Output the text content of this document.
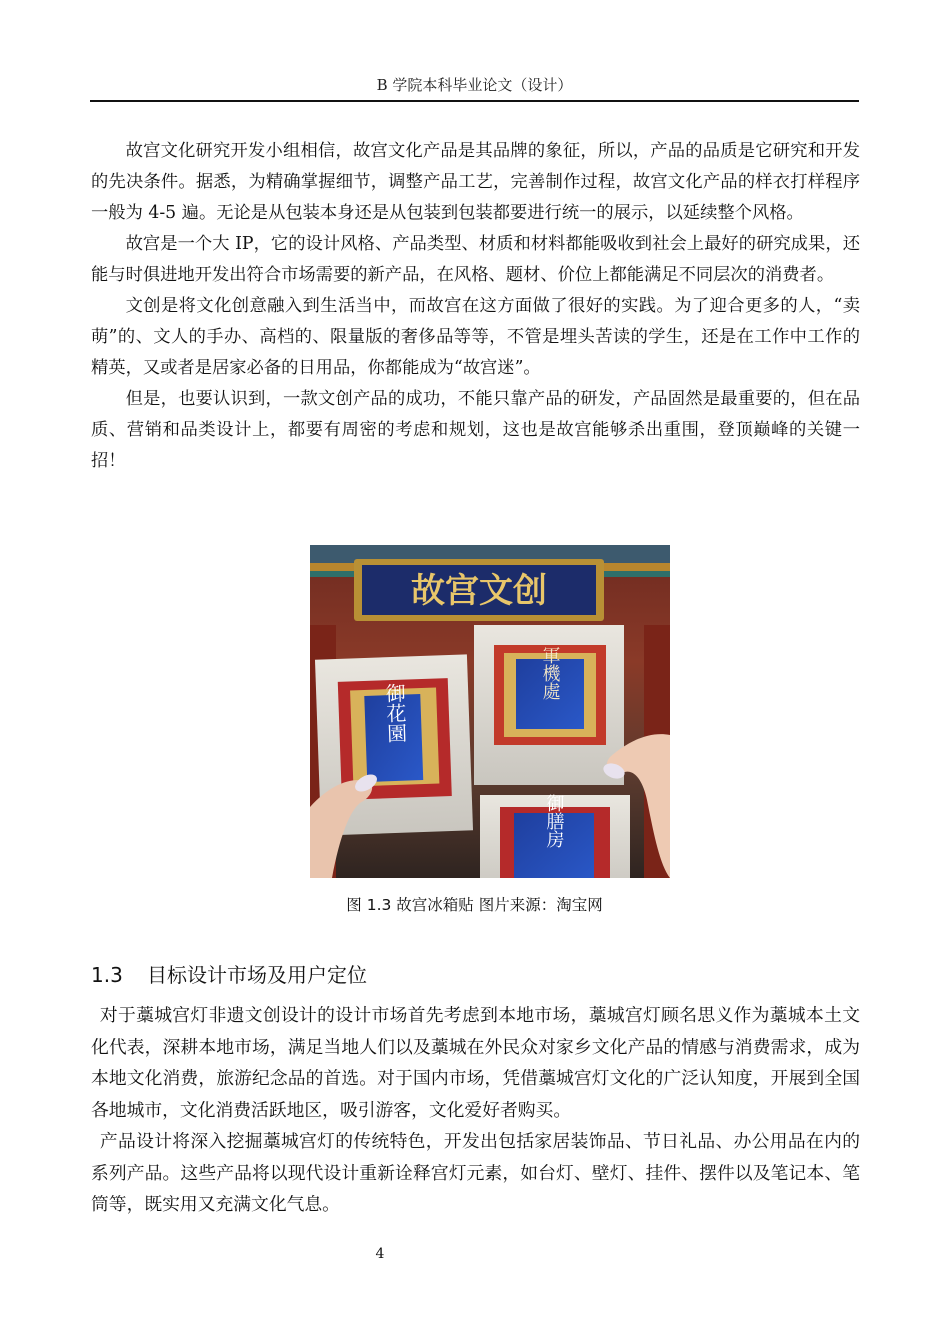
B 学院本科毕业论文（设计）

故宫文化研究开发小组相信，故宫文化产品是其品牌的象征，所以，产品的品质是它研究和开发的先决条件。据悉，为精确掌握细节，调整产品工艺，完善制作过程，故宫文化产品的样衣打样程序一般为 4-5 遍。无论是从包装本身还是从包装到包装都要进行统一的展示，以延续整个风格。

故宫是一个大 IP，它的设计风格、产品类型、材质和材料都能吸收到社会上最好的研究成果，还能与时俱进地开发出符合市场需要的新产品，在风格、题材、价位上都能满足不同层次的消费者。

文创是将文化创意融入到生活当中，而故宫在这方面做了很好的实践。为了迎合更多的人，“卖萌”的、文人的手办、高档的、限量版的奢侈品等等，不管是埋头苦读的学生，还是在工作中工作的精英，又或者是居家必备的日用品，你都能成为“故宫迷”。

但是，也要认识到，一款文创产品的成功，不能只靠产品的研发，产品固然是最重要的，但在品质、营销和品类设计上，都要有周密的考虑和规划，这也是故宫能够杀出重围，登顶巅峰的关键一招！

故宫文创
御花園
軍機處
御膳房
图 1.3 故宫冰箱贴 图片来源：淘宝网
1.3 目标设计市场及用户定位

对于藁城宫灯非遗文创设计的设计市场首先考虑到本地市场，藁城宫灯顾名思义作为藁城本土文化代表，深耕本地市场，满足当地人们以及藁城在外民众对家乡文化产品的情感与消费需求，成为本地文化消费，旅游纪念品的首选。对于国内市场，凭借藁城宫灯文化的广泛认知度，开展到全国各地城市，文化消费活跃地区，吸引游客，文化爱好者购买。

产品设计将深入挖掘藁城宫灯的传统特色，开发出包括家居装饰品、节日礼品、办公用品在内的系列产品。这些产品将以现代设计重新诠释宫灯元素，如台灯、壁灯、挂件、摆件以及笔记本、笔筒等，既实用又充满文化气息。

4
